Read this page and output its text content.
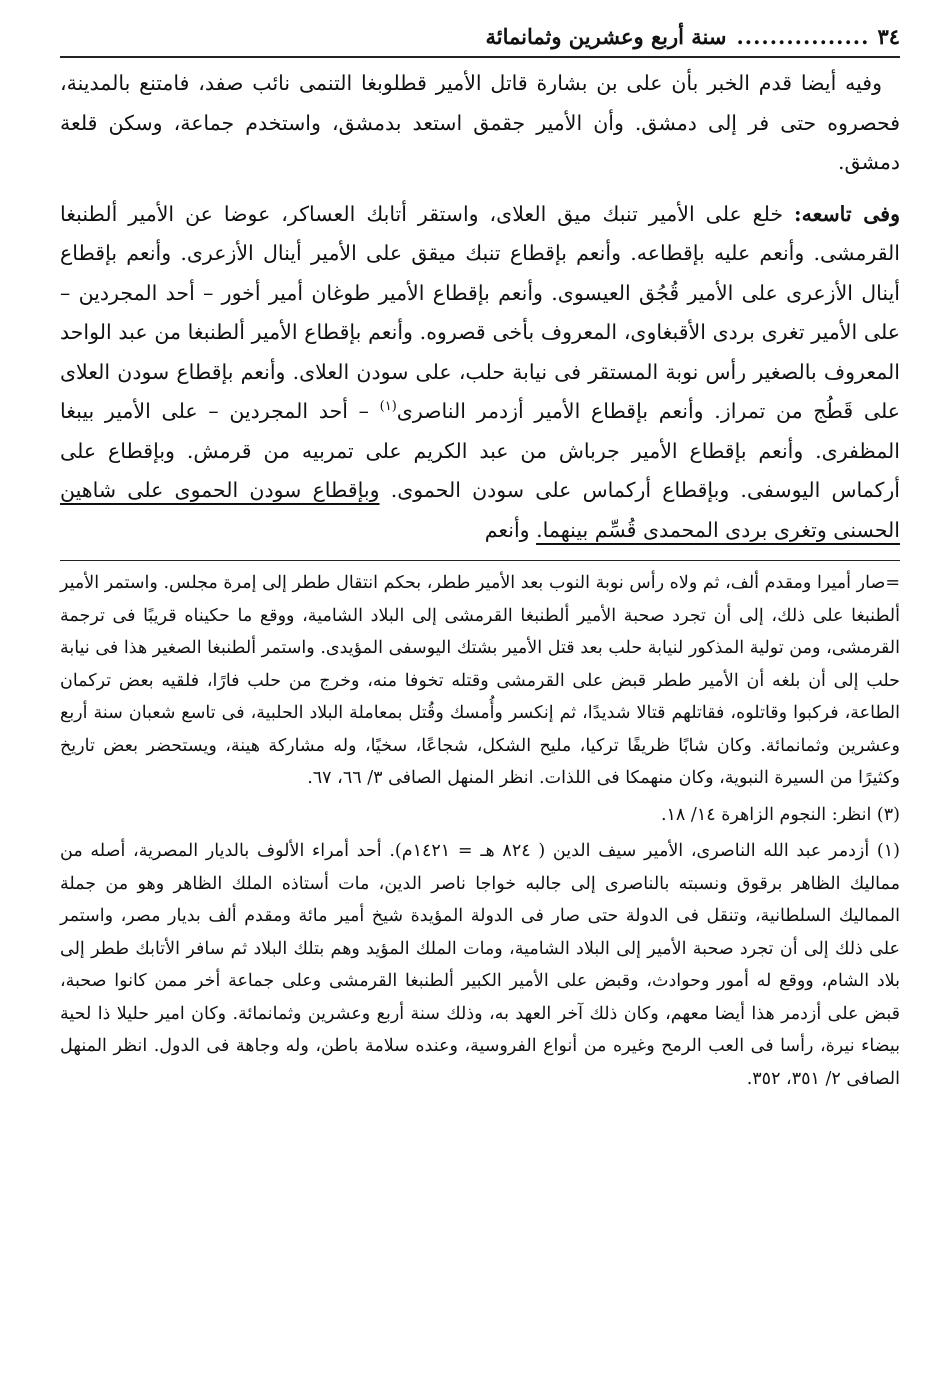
٣٤
................
سنة أربع وعشرين وثمانمائة

وفيه أيضا قدم الخبر بأن على بن بشارة قاتل الأمير قطلوبغا التنمى نائب صفد، فامتنع بالمدينة، فحصروه حتى فر إلى دمشق. وأن الأمير جقمق استعد بدمشق، واستخدم جماعة، وسكن قلعة دمشق.

وفى تاسعه: خلع على الأمير تنبك ميق العلاى، واستقر أتابك العساكر، عوضا عن الأمير ألطنبغا القرمشى. وأنعم عليه بإقطاعه. وأنعم بإقطاع تنبك ميقق على الأمير أينال الأزعرى. وأنعم بإقطاع أينال الأزعرى على الأمير قُجُق العيسوى. وأنعم بإقطاع الأمير طوغان أمير أخور – أحد المجردين – على الأمير تغرى بردى الأقبغاوى، المعروف بأخى قصروه. وأنعم بإقطاع الأمير ألطنبغا من عبد الواحد المعروف بالصغير رأس نوبة المستقر فى نيابة حلب، على سودن العلاى. وأنعم بإقطاع سودن العلاى على قَطُج من تمراز. وأنعم بإقطاع الأمير أزدمر الناصرى$^{(١)}$ – أحد المجردين – على الأمير بيبغا المظفرى. وأنعم بإقطاع الأمير جرباش من عبد الكريم على تمربيه من قرمش. وبإقطاع على أركماس اليوسفى. وبإقطاع أركماس على سودن الحموى. وبإقطاع سودن الحموى على شاهين الحسنى وتغرى بردى المحمدى قُسِّم بينهما. وأنعم

=صار أميرا ومقدم ألف، ثم ولاه رأس نوبة النوب بعد الأمير ططر، بحكم انتقال ططر إلى إمرة مجلس. واستمر الأمير ألطنبغا على ذلك، إلى أن تجرد صحبة الأمير ألطنبغا القرمشى إلى البلاد الشامية، ووقع ما حكيناه قريبًا فى ترجمة القرمشى، ومن تولية المذكور لنيابة حلب بعد قتل الأمير بشتك اليوسفى المؤيدى. واستمر ألطنبغا الصغير هذا فى نيابة حلب إلى أن بلغه أن الأمير ططر قبض على القرمشى وقتله تخوفا منه، وخرج من حلب فارًا، فلقيه بعض تركمان الطاعة، فركبوا وقاتلوه، فقاتلهم قتالا شديدًا، ثم إنكسر وأُمسك وقُتل بمعاملة البلاد الحلبية، فى تاسع شعبان سنة أربع وعشرين وثمانمائة. وكان شابًا ظريفًا تركيا، مليح الشكل، شجاعًا، سخيًا، وله مشاركة هينة، ويستحضر بعض تاريخ وكثيرًا من السيرة النبوية، وكان منهمكا فى اللذات. انظر المنهل الصافى ٣/ ٦٦، ٦٧.

(٣) انظر: النجوم الزاهرة ١٤/ ١٨.

(١) أزدمر عبد الله الناصرى، الأمير سيف الدين ( ٨٢٤ هـ = ١٤٢١م). أحد أمراء الألوف بالديار المصرية، أصله من مماليك الظاهر برقوق ونسبته بالناصرى إلى جالبه خواجا ناصر الدين، مات أستاذه الملك الظاهر وهو من جملة المماليك السلطانية، وتنقل فى الدولة حتى صار فى الدولة المؤيدة شيخ أمير مائة ومقدم ألف بديار مصر، واستمر على ذلك إلى أن تجرد صحبة الأمير إلى البلاد الشامية، ومات الملك المؤيد وهم بتلك البلاد ثم سافر الأتابك ططر إلى بلاد الشام، ووقع له أمور وحوادث، وقبض على الأمير الكبير ألطنبغا القرمشى وعلى جماعة أخر ممن كانوا صحبة، قبض على أزدمر هذا أيضا معهم، وكان ذلك آخر العهد به، وذلك سنة أربع وعشرين وثمانمائة. وكان امير حليلا ذا لحية بيضاء نيرة، رأسا فى العب الرمح وغيره من أنواع الفروسية، وعنده سلامة باطن، وله وجاهة فى الدول. انظر المنهل الصافى ٢/ ٣٥١، ٣٥٢.
